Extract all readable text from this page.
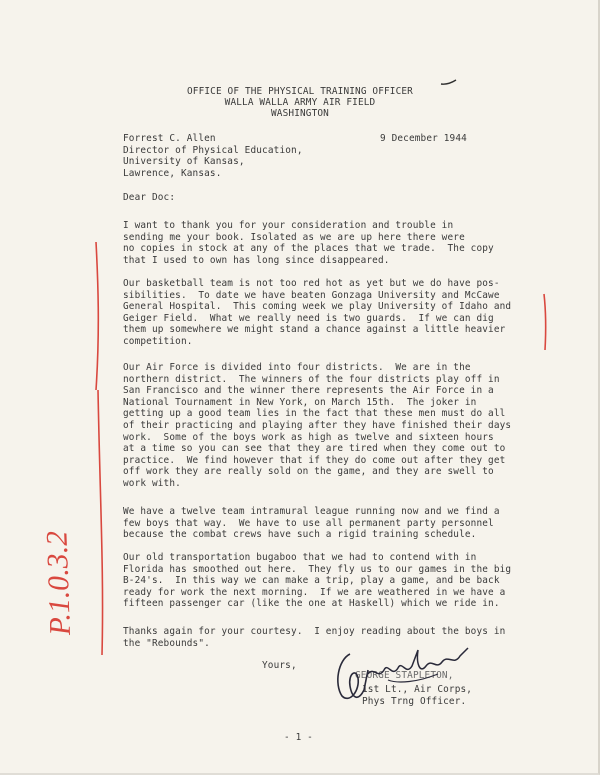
OFFICE OF THE PHYSICAL TRAINING OFFICER
WALLA WALLA ARMY AIR FIELD
WASHINGTON
9 December 1944
Forrest C. Allen
Director of Physical Education,
University of Kansas,
Lawrence, Kansas.
Dear Doc:
I want to thank you for your consideration and trouble in
sending me your book. Isolated as we are up here there were
no copies in stock at any of the places that we trade.  The copy
that I used to own has long since disappeared.
Our basketball team is not too red hot as yet but we do have pos-
sibilities.  To date we have beaten Gonzaga University and McCawe
General Hospital.  This coming week we play University of Idaho and
Geiger Field.  What we really need is two guards.  If we can dig
them up somewhere we might stand a chance against a little heavier
competition.
Our Air Force is divided into four districts.  We are in the
northern district.  The winners of the four districts play off in
San Francisco and the winner there represents the Air Force in a
National Tournament in New York, on March 15th.  The joker in
getting up a good team lies in the fact that these men must do all
of their practicing and playing after they have finished their days
work.  Some of the boys work as high as twelve and sixteen hours
at a time so you can see that they are tired when they come out to
practice.  We find however that if they do come out after they get
off work they are really sold on the game, and they are swell to
work with.
We have a twelve team intramural league running now and we find a
few boys that way.  We have to use all permanent party personnel
because the combat crews have such a rigid training schedule.
Our old transportation bugaboo that we had to contend with in
Florida has smoothed out here.  They fly us to our games in the big
B-24's.  In this way we can make a trip, play a game, and be back
ready for work the next morning.  If we are weathered in we have a
fifteen passenger car (like the one at Haskell) which we ride in.
Thanks again for your courtesy.  I enjoy reading about the boys in
the "Rebounds".
Yours,
GEORGE STAPLETON,
1st Lt., Air Corps,
Phys Trng Officer.
P.1.0.3.2
- 1 -
